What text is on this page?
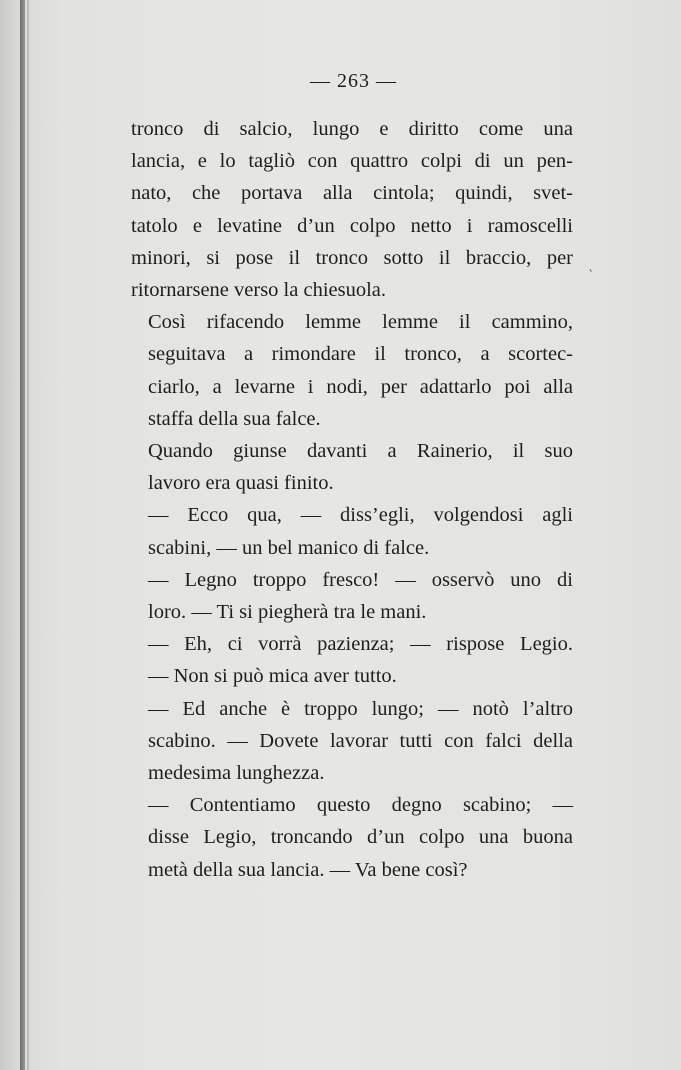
— 263 —

tronco di salcio, lungo e diritto come una
lancia, e lo tagliò con quattro colpi di un pen-
nato, che portava alla cintola; quindi, svet-
tatolo e levatine d’un colpo netto i ramoscelli
minori, si pose il tronco sotto il braccio, per
ritornarsene verso la chiesuola.

Così rifacendo lemme lemme il cammino,
seguitava a rimondare il tronco, a scortec-
ciarlo, a levarne i nodi, per adattarlo poi alla
staffa della sua falce.

Quando giunse davanti a Rainerio, il suo
lavoro era quasi finito.

— Ecco qua, — diss’egli, volgendosi agli
scabini, — un bel manico di falce.

— Legno troppo fresco! — osservò uno di
loro. — Ti si piegherà tra le mani.

— Eh, ci vorrà pazienza; — rispose Legio.
— Non si può mica aver tutto.

— Ed anche è troppo lungo; — notò l’altro
scabino. — Dovete lavorar tutti con falci della
medesima lunghezza.

— Contentiamo questo degno scabino; —
disse Legio, troncando d’un colpo una buona
metà della sua lancia. — Va bene così?

ˏ
